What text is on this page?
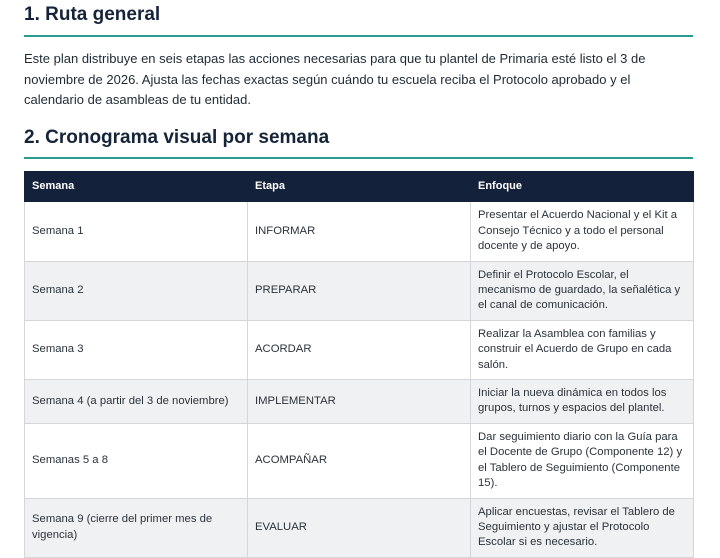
1. Ruta general

Este plan distribuye en seis etapas las acciones necesarias para que tu plantel de Primaria esté listo el 3 de noviembre de 2026. Ajusta las fechas exactas según cuándo tu escuela reciba el Protocolo aprobado y el calendario de asambleas de tu entidad.

2. Cronograma visual por semana
Semana	Etapa	Enfoque
Semana 1	INFORMAR	Presentar el Acuerdo Nacional y el Kit a Consejo Técnico y a todo el personal docente y de apoyo.
Semana 2	PREPARAR	Definir el Protocolo Escolar, el mecanismo de guardado, la señalética y el canal de comunicación.
Semana 3	ACORDAR	Realizar la Asamblea con familias y construir el Acuerdo de Grupo en cada salón.
Semana 4 (a partir del 3 de noviembre)	IMPLEMENTAR	Iniciar la nueva dinámica en todos los grupos, turnos y espacios del plantel.
Semanas 5 a 8	ACOMPAÑAR	Dar seguimiento diario con la Guía para el Docente de Grupo (Componente 12) y el Tablero de Seguimiento (Componente 15).
Semana 9 (cierre del primer mes de vigencia)	EVALUAR	Aplicar encuestas, revisar el Tablero de Seguimiento y ajustar el Protocolo Escolar si es necesario.
